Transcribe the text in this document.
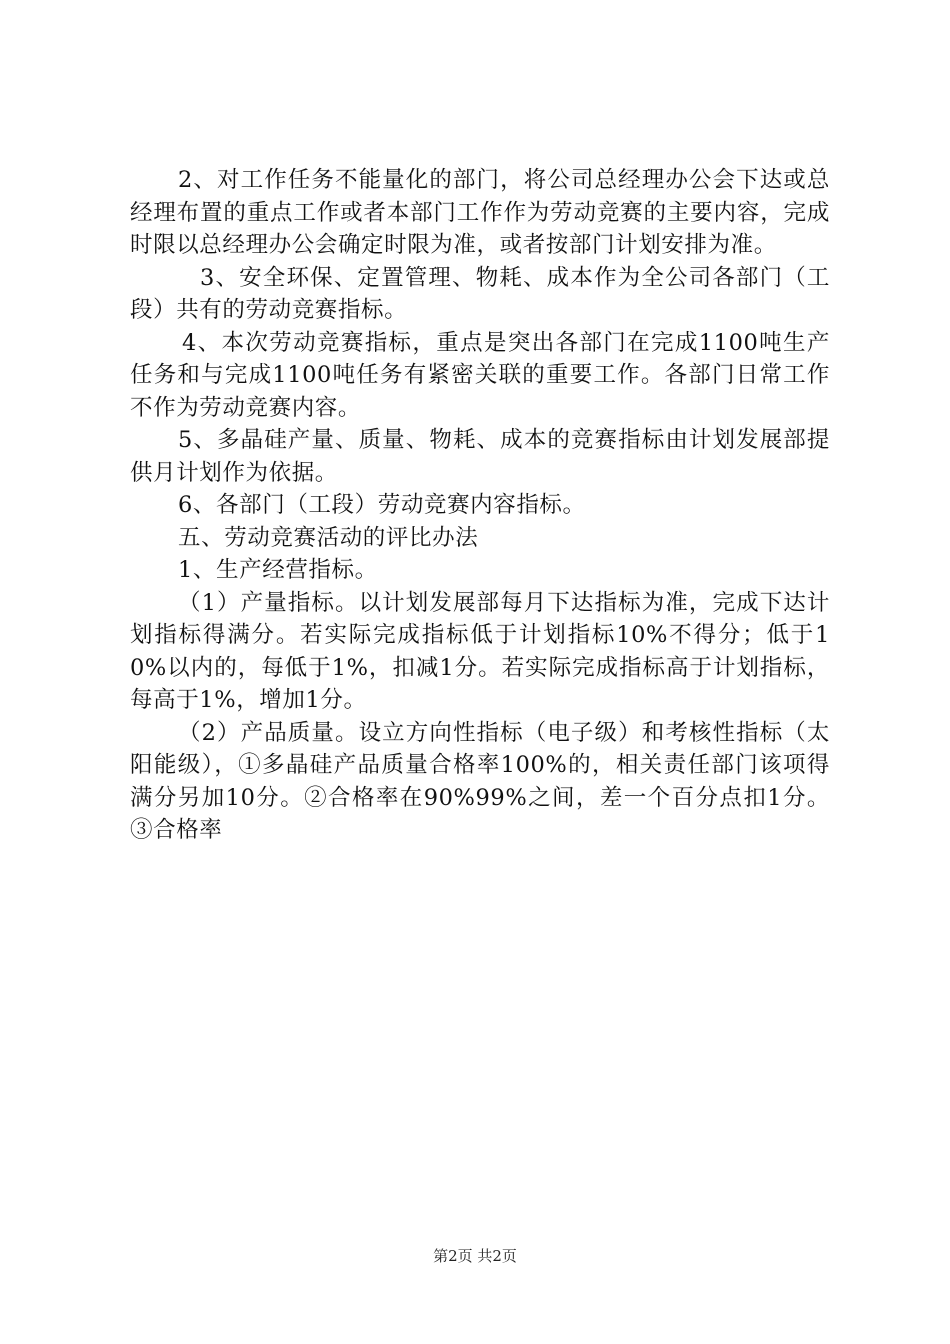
2、对工作任务不能量化的部门，将公司总经理办公会下达或总经理布置的重点工作或者本部门工作作为劳动竞赛的主要内容，完成时限以总经理办公会确定时限为准，或者按部门计划安排为准。

3、安全环保、定置管理、物耗、成本作为全公司各部门（工段）共有的劳动竞赛指标。

4、本次劳动竞赛指标，重点是突出各部门在完成1100吨生产任务和与完成1100吨任务有紧密关联的重要工作。各部门日常工作不作为劳动竞赛内容。

5、多晶硅产量、质量、物耗、成本的竞赛指标由计划发展部提供月计划作为依据。

6、各部门（工段）劳动竞赛内容指标。

五、劳动竞赛活动的评比办法

1、生产经营指标。

（1）产量指标。以计划发展部每月下达指标为准，完成下达计划指标得满分。若实际完成指标低于计划指标10%不得分；低于10%以内的，每低于1%，扣减1分。若实际完成指标高于计划指标，每高于1%，增加1分。

（2）产品质量。设立方向性指标（电子级）和考核性指标（太阳能级），①多晶硅产品质量合格率100%的，相关责任部门该项得满分另加10分。②合格率在90%99%之间，差一个百分点扣1分。③合格率

第2页 共2页
